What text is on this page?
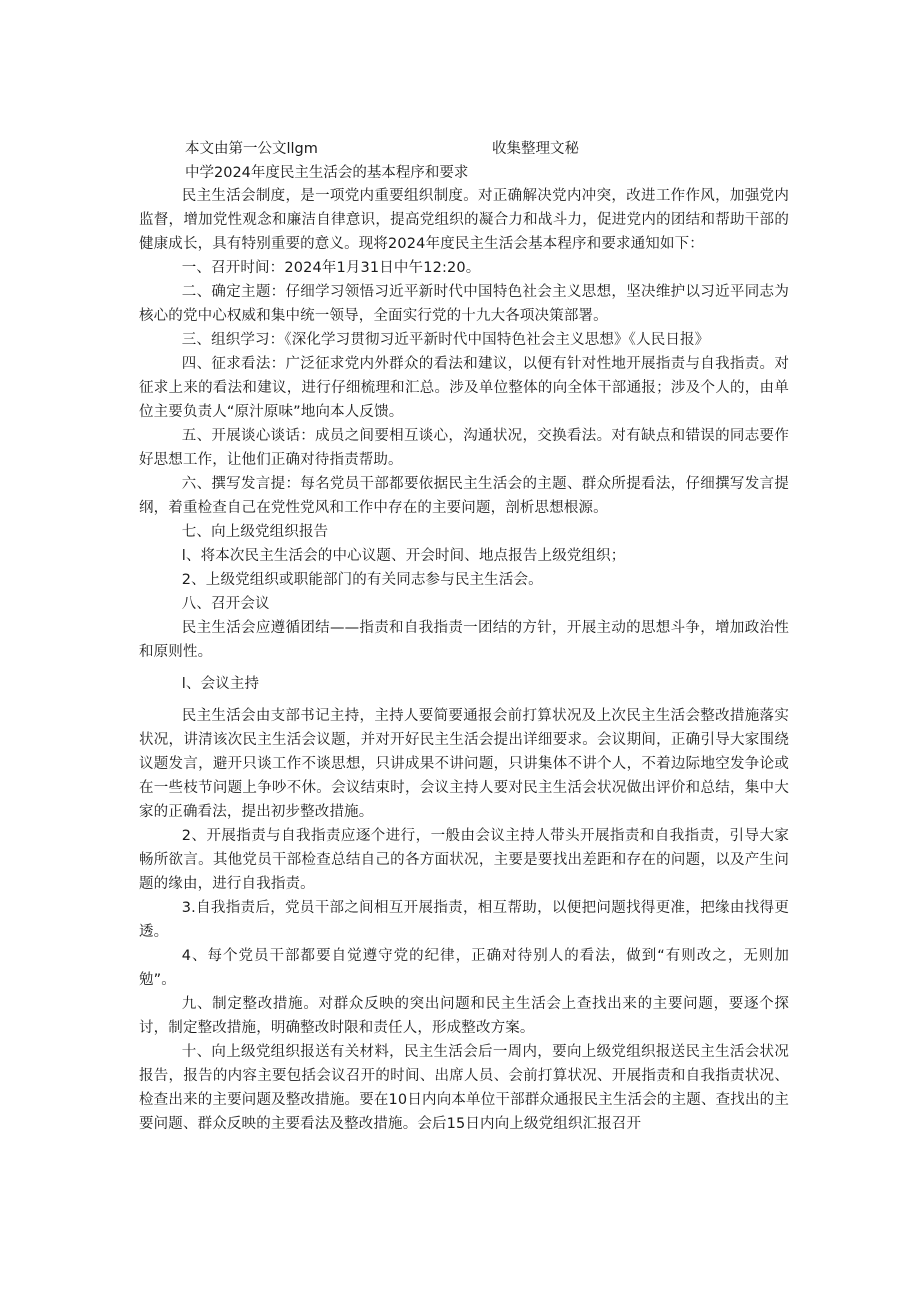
本文由第一公文llgm	收集整理文秘
中学2024年度民主生活会的基本程序和要求

民主生活会制度，是一项党内重要组织制度。对正确解决党内冲突，改进工作作风，加强党内监督，增加党性观念和廉洁自律意识，提高党组织的凝合力和战斗力，促进党内的团结和帮助干部的健康成长，具有特别重要的意义。现将2024年度民主生活会基本程序和要求通知如下：

一、召开时间：2024年1月31日中午12:20。

二、确定主题：仔细学习领悟习近平新时代中国特色社会主义思想，坚决维护以习近平同志为核心的党中心权威和集中统一领导，全面实行党的十九大各项决策部署。

三、组织学习：《深化学习贯彻习近平新时代中国特色社会主义思想》《人民日报》

四、征求看法：广泛征求党内外群众的看法和建议，以便有针对性地开展指责与自我指责。对征求上来的看法和建议，进行仔细梳理和汇总。涉及单位整体的向全体干部通报；涉及个人的，由单位主要负责人“原汁原味”地向本人反馈。

五、开展谈心谈话：成员之间要相互谈心，沟通状况，交换看法。对有缺点和错误的同志要作好思想工作，让他们正确对待指责帮助。

六、撰写发言提：每名党员干部都要依据民主生活会的主题、群众所提看法，仔细撰写发言提纲，着重检查自己在党性党风和工作中存在的主要问题，剖析思想根源。

七、向上级党组织报告

l、将本次民主生活会的中心议题、开会时间、地点报告上级党组织；

2、上级党组织或职能部门的有关同志参与民主生活会。

八、召开会议

民主生活会应遵循团结——指责和自我指责一团结的方针，开展主动的思想斗争，增加政治性和原则性。

l、会议主持

民主生活会由支部书记主持，主持人要简要通报会前打算状况及上次民主生活会整改措施落实状况，讲清该次民主生活会议题，并对开好民主生活会提出详细要求。会议期间，正确引导大家围绕议题发言，避开只谈工作不谈思想，只讲成果不讲问题，只讲集体不讲个人，不着边际地空发争论或在一些枝节问题上争吵不休。会议结束时，会议主持人要对民主生活会状况做出评价和总结，集中大家的正确看法，提出初步整改措施。

2、开展指责与自我指责应逐个进行，一般由会议主持人带头开展指责和自我指责，引导大家畅所欲言。其他党员干部检查总结自己的各方面状况，主要是要找出差距和存在的问题，以及产生问题的缘由，进行自我指责。

3.自我指责后，党员干部之间相互开展指责，相互帮助，以便把问题找得更准，把缘由找得更透。

4、每个党员干部都要自觉遵守党的纪律，正确对待别人的看法，做到“有则改之，无则加勉”。

九、制定整改措施。对群众反映的突出问题和民主生活会上查找出来的主要问题，要逐个探讨，制定整改措施，明确整改时限和责任人，形成整改方案。

十、向上级党组织报送有关材料，民主生活会后一周内，要向上级党组织报送民主生活会状况报告，报告的内容主要包括会议召开的时间、出席人员、会前打算状况、开展指责和自我指责状况、检查出来的主要问题及整改措施。要在10日内向本单位干部群众通报民主生活会的主题、查找出的主要问题、群众反映的主要看法及整改措施。会后15日内向上级党组织汇报召开
